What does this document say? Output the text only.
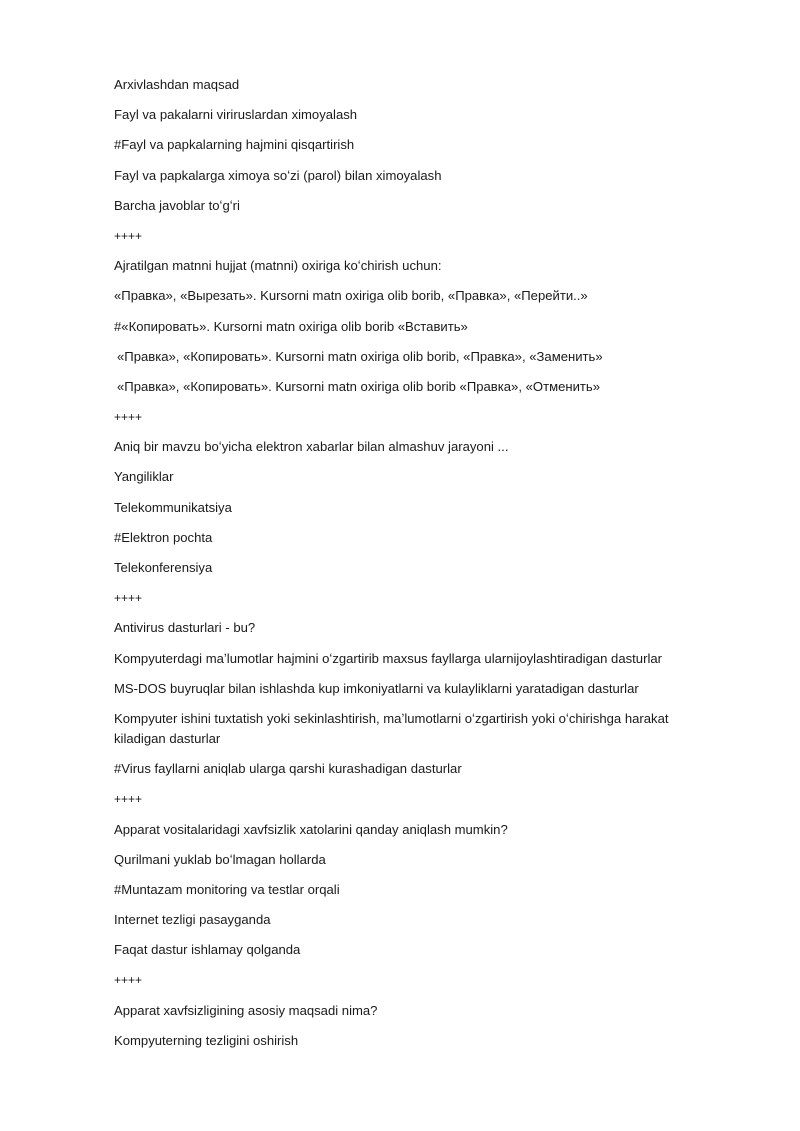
Arxivlashdan maqsad

Fayl va pakalarni viriruslardan ximoyalash

#Fayl va papkalarning hajmini qisqartirish

Fayl va papkalarga ximoya soʻzi (parol) bilan ximoyalash

Barcha javoblar toʻgʻri

++++

Ajratilgan matnni hujjat (matnni) oxiriga koʻchirish uchun:

«Правка», «Вырезать». Kursorni matn oxiriga olib borib, «Правка», «Перейти..»

#«Копировать». Kursorni matn oxiriga olib borib «Вставить»

«Правка», «Копировать». Kursorni matn oxiriga olib borib, «Правка», «Заменить»

«Правка», «Копировать». Kursorni matn oxiriga olib borib «Правка», «Отменить»

++++

Aniq bir mavzu boʻyicha elektron xabarlar bilan almashuv jarayoni ...

Yangiliklar

Telekommunikatsiya

#Elektron pochta

Telekonferensiya

++++

Antivirus dasturlari - bu?

Kompyuterdagi maʼlumotlar hajmini oʻzgartirib maxsus fayllarga ularnijoylashtiradigan dasturlar

MS-DOS buyruqlar bilan ishlashda kup imkoniyatlarni va kulayliklarni yaratadigan dasturlar

Kompyuter ishini tuxtatish yoki sekinlashtirish, maʼlumotlarni oʻzgartirish yoki oʻchirishga harakat kiladigan dasturlar

#Virus fayllarni aniqlab ularga qarshi kurashadigan dasturlar

++++

Apparat vositalaridagi xavfsizlik xatolarini qanday aniqlash mumkin?

Qurilmani yuklab boʻlmagan hollarda

#Muntazam monitoring va testlar orqali

Internet tezligi pasayganda

Faqat dastur ishlamay qolganda

++++

Apparat xavfsizligining asosiy maqsadi nima?

Kompyuterning tezligini oshirish
